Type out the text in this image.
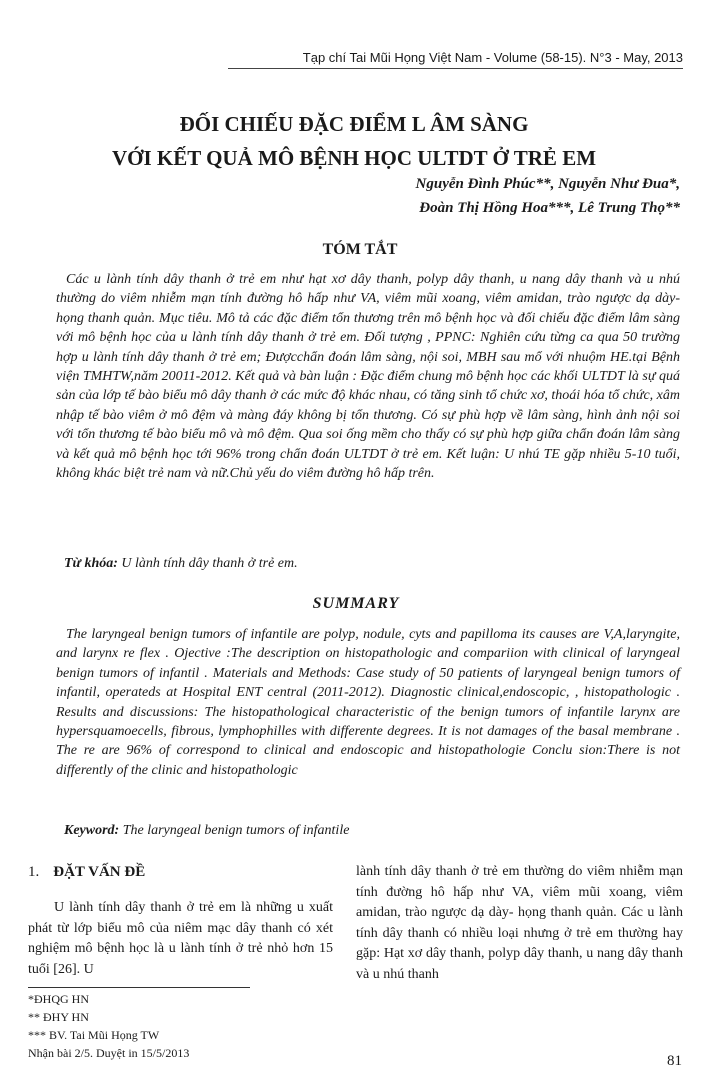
Tạp chí Tai Mũi Họng Việt Nam - Volume (58-15). N°3 - May, 2013
ĐỐI CHIẾU ĐẶC ĐIỂM L ÂM SÀNG
VỚI KẾT QUẢ MÔ BỆNH HỌC ULTDT Ở TRẺ EM
Nguyễn Đình Phúc**, Nguyễn Như Đua*,
Đoàn Thị Hồng Hoa***, Lê Trung Thọ**
TÓM TẮT
Các u lành tính dây thanh ở trẻ em như hạt xơ dây thanh, polyp dây thanh, u nang dây thanh và u nhú thường do viêm nhiễm mạn tính đường hô hấp như VA, viêm mũi xoang, viêm amidan, trào ngược dạ dày- họng thanh quản. Mục tiêu. Mô tả các đặc điểm tổn thương trên mô bệnh học và đối chiếu đặc điểm lâm sàng với mô bệnh học của u lành tính dây thanh ở trẻ em. Đối tượng , PPNC: Nghiên cứu từng ca qua 50 trường hợp u lành tính dây thanh ở trẻ em; Đượcchẩn đoán lâm sàng, nội soi, MBH sau mổ với nhuộm HE.tại Bệnh viện TMHTW,năm 20011-2012. Kết quả và bàn luận : Đặc điểm chung mô bệnh học các khối ULTDT là sự quá sản của lớp tế bào biểu mô dây thanh ở các mức độ khác nhau, có tăng sinh tổ chức xơ, thoái hóa tổ chức, xâm nhập tế bào viêm ở mô đệm và màng đáy không bị tổn thương. Có sự phù hợp về lâm sàng, hình ảnh nội soi với tổn thương tế bào biểu mô và mô đệm. Qua soi ống mềm cho thấy có sự phù hợp giữa chẩn đoán lâm sàng và kết quả mô bệnh học tới 96% trong chẩn đoán ULTDT ở trẻ em. Kết luận: U nhú TE gặp nhiều 5-10 tuổi, không khác biệt trẻ nam và nữ.Chủ yếu do viêm đường hô hấp trên.
Từ khóa: U lành tính dây thanh ở trẻ em.
SUMMARY
The laryngeal benign tumors of infantile are polyp, nodule, cyts and papilloma its causes are V,A,laryngite, and larynx re flex . Ojective :The description on histopathologic and compariion with clinical of laryngeal benign tumors of infantil . Materials and Methods: Case study of 50 patients of laryngeal benign tumors of infantil, operateds at Hospital ENT central (2011-2012). Diagnostic clinical,endoscopic, , histopathologic . Results and discussions: The histopathological characteristic of the benign tumors of infantile larynx are hypersquamoecells, fibrous, lymphophilles with differente degrees. It is not damages of the basal membrane . The re are 96% of correspond to clinical and endoscopic and histopathologie Conclu sion:There is not differently of the clinic and histopathologic
Keyword: The laryngeal benign tumors of infantile
1. ĐẶT VẤN ĐỀ
U lành tính dây thanh ở trẻ em là những u xuất phát từ lớp biểu mô của niêm mạc dây thanh có xét nghiệm mô bệnh học là u lành tính ở trẻ nhỏ hơn 15 tuổi [26]. U
lành tính dây thanh ở trẻ em thường do viêm nhiễm mạn tính đường hô hấp như VA, viêm mũi xoang, viêm amidan, trào ngược dạ dày- họng thanh quản. Các u lành tính dây thanh có nhiều loại nhưng ở trẻ em thường hay gặp: Hạt xơ dây thanh, polyp dây thanh, u nang dây thanh và u nhú thanh
*ĐHQG HN
** ĐHY HN
*** BV. Tai Mũi Họng TW
Nhận bài 2/5. Duyệt in 15/5/2013	81
